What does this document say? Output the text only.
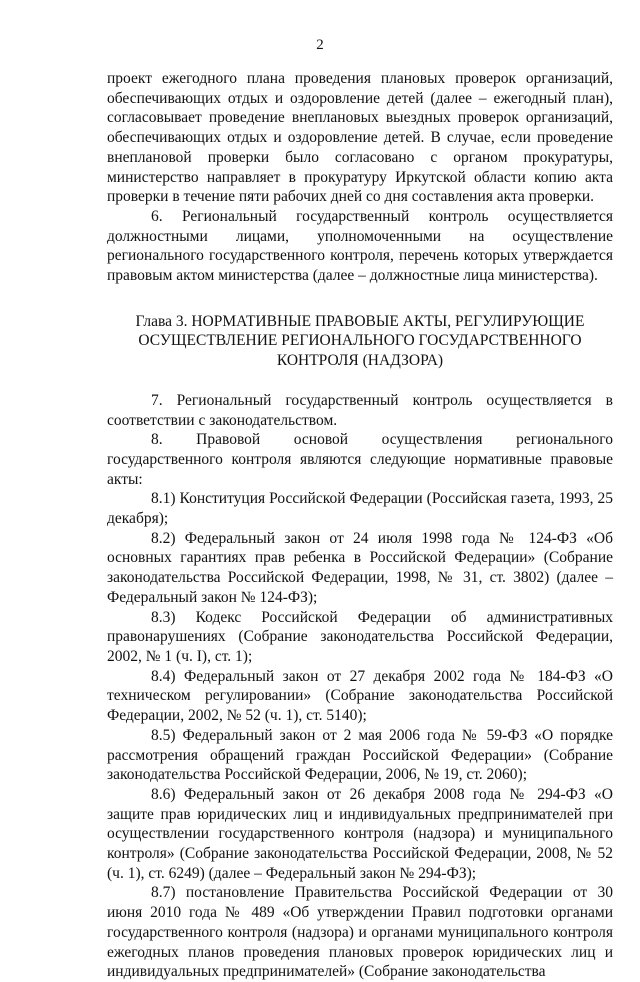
2

проект ежегодного плана проведения плановых проверок организаций, обеспечивающих отдых и оздоровление детей (далее – ежегодный план), согласовывает проведение внеплановых выездных проверок организаций, обеспечивающих отдых и оздоровление детей. В случае, если проведение внеплановой проверки было согласовано с органом прокуратуры, министерство направляет в прокуратуру Иркутской области копию акта проверки в течение пяти рабочих дней со дня составления акта проверки.

6. Региональный государственный контроль осуществляется должностными лицами, уполномоченными на осуществление регионального государственного контроля, перечень которых утверждается правовым актом министерства (далее – должностные лица министерства).

Глава 3. НОРМАТИВНЫЕ ПРАВОВЫЕ АКТЫ, РЕГУЛИРУЮЩИЕ
ОСУЩЕСТВЛЕНИЕ РЕГИОНАЛЬНОГО ГОСУДАРСТВЕННОГО
КОНТРОЛЯ (НАДЗОРА)

7. Региональный государственный контроль осуществляется в соответствии с законодательством.

8. Правовой основой осуществления регионального государственного контроля являются следующие нормативные правовые акты:

8.1) Конституция Российской Федерации (Российская газета, 1993, 25 декабря);

8.2) Федеральный закон от 24 июля 1998 года № 124-ФЗ «Об основных гарантиях прав ребенка в Российской Федерации» (Собрание законодательства Российской Федерации, 1998, № 31, ст. 3802) (далее – Федеральный закон № 124-ФЗ);

8.3) Кодекс Российской Федерации об административных правонарушениях (Собрание законодательства Российской Федерации, 2002, № 1 (ч. I), ст. 1);

8.4) Федеральный закон от 27 декабря 2002 года № 184-ФЗ «О техническом регулировании» (Собрание законодательства Российской Федерации, 2002, № 52 (ч. 1), ст. 5140);

8.5) Федеральный закон от 2 мая 2006 года № 59-ФЗ «О порядке рассмотрения обращений граждан Российской Федерации» (Собрание законодательства Российской Федерации, 2006, № 19, ст. 2060);

8.6) Федеральный закон от 26 декабря 2008 года № 294-ФЗ «О защите прав юридических лиц и индивидуальных предпринимателей при осуществлении государственного контроля (надзора) и муниципального контроля» (Собрание законодательства Российской Федерации, 2008, № 52 (ч. 1), ст. 6249) (далее – Федеральный закон № 294-ФЗ);

8.7) постановление Правительства Российской Федерации от 30 июня 2010 года № 489 «Об утверждении Правил подготовки органами государственного контроля (надзора) и органами муниципального контроля ежегодных планов проведения плановых проверок юридических лиц и индивидуальных предпринимателей» (Собрание законодательства
